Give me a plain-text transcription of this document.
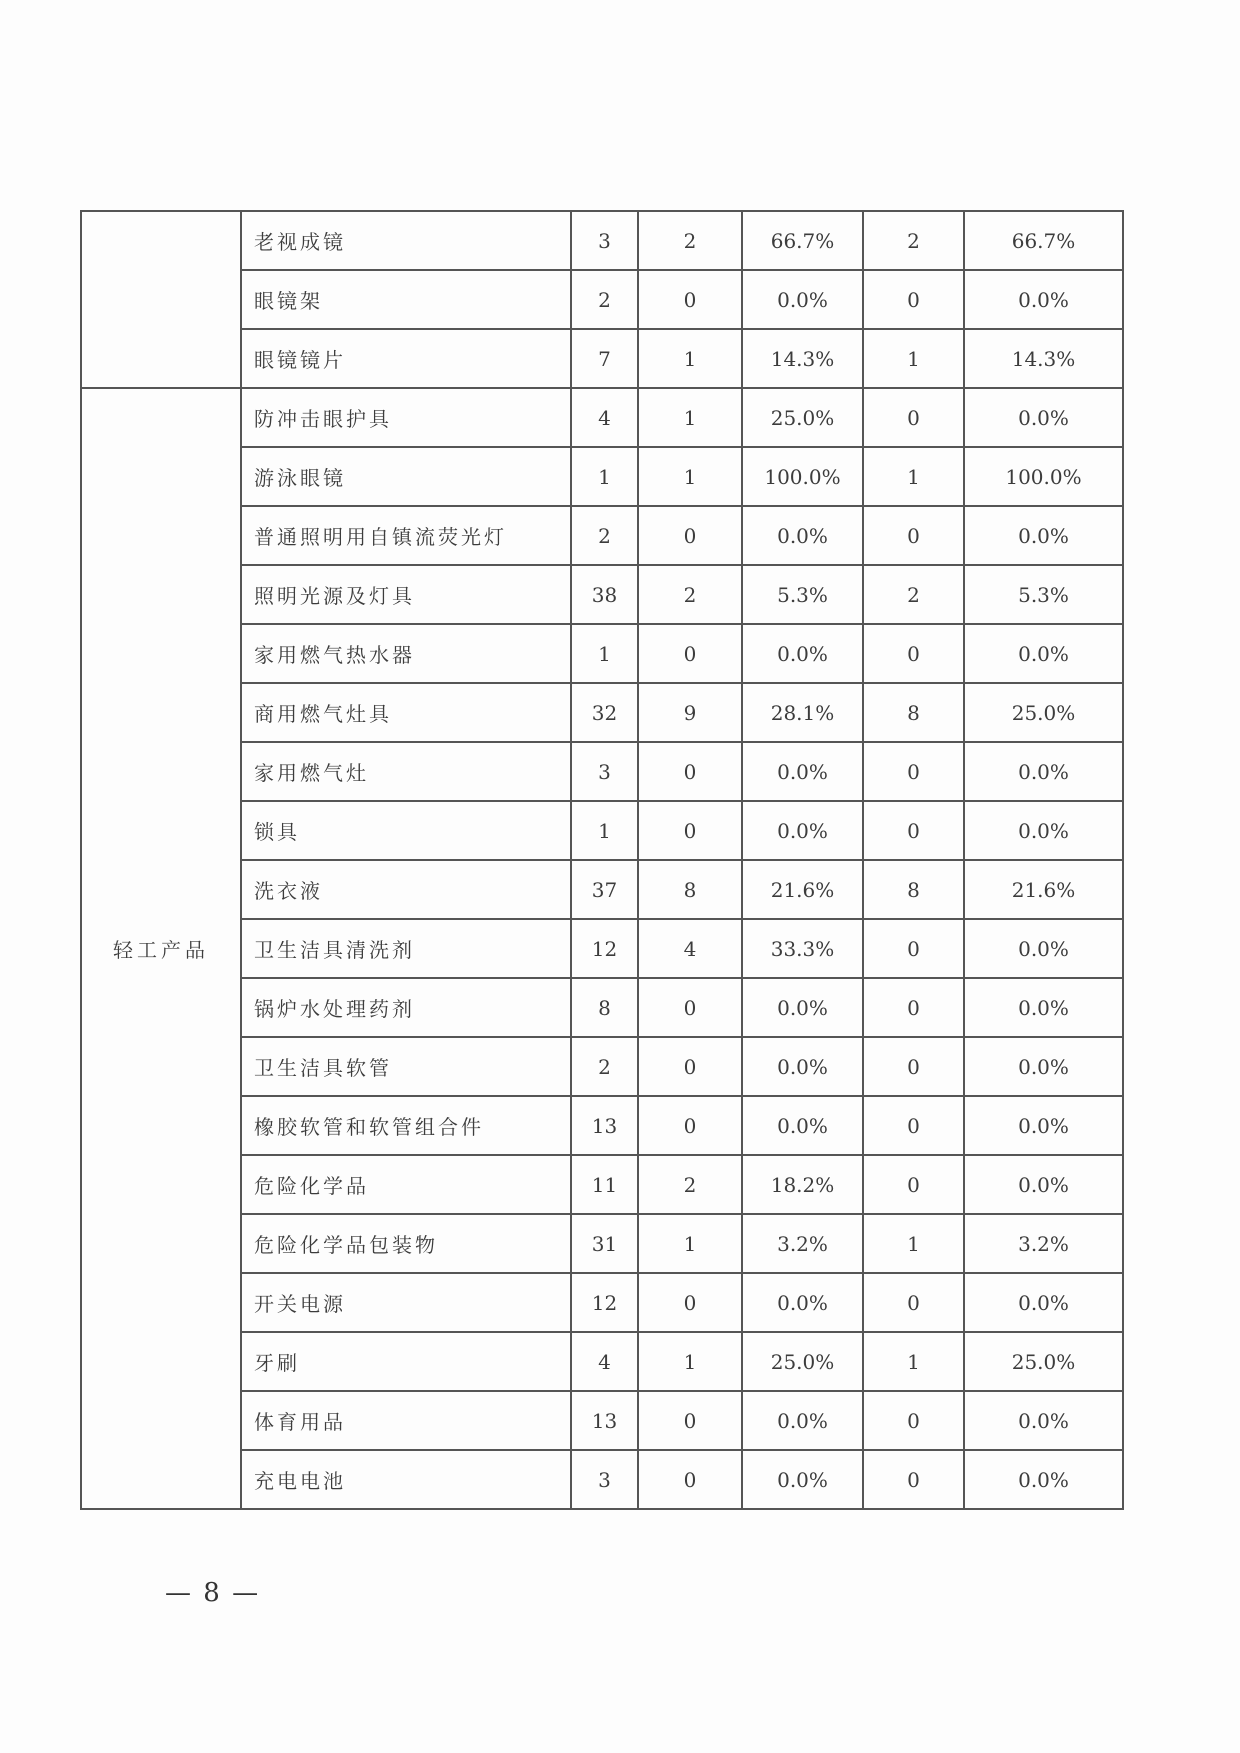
	老视成镜	3	2	66.7%	2	66.7%
	眼镜架	2	0	0.0%	0	0.0%
	眼镜镜片	7	1	14.3%	1	14.3%
轻工产品	防冲击眼护具	4	1	25.0%	0	0.0%
	游泳眼镜	1	1	100.0%	1	100.0%
	普通照明用自镇流荧光灯	2	0	0.0%	0	0.0%
	照明光源及灯具	38	2	5.3%	2	5.3%
	家用燃气热水器	1	0	0.0%	0	0.0%
	商用燃气灶具	32	9	28.1%	8	25.0%
	家用燃气灶	3	0	0.0%	0	0.0%
	锁具	1	0	0.0%	0	0.0%
	洗衣液	37	8	21.6%	8	21.6%
	卫生洁具清洗剂	12	4	33.3%	0	0.0%
	锅炉水处理药剂	8	0	0.0%	0	0.0%
	卫生洁具软管	2	0	0.0%	0	0.0%
	橡胶软管和软管组合件	13	0	0.0%	0	0.0%
	危险化学品	11	2	18.2%	0	0.0%
	危险化学品包装物	31	1	3.2%	1	3.2%
	开关电源	12	0	0.0%	0	0.0%
	牙刷	4	1	25.0%	1	25.0%
	体育用品	13	0	0.0%	0	0.0%
	充电电池	3	0	0.0%	0	0.0%
— 8 —
